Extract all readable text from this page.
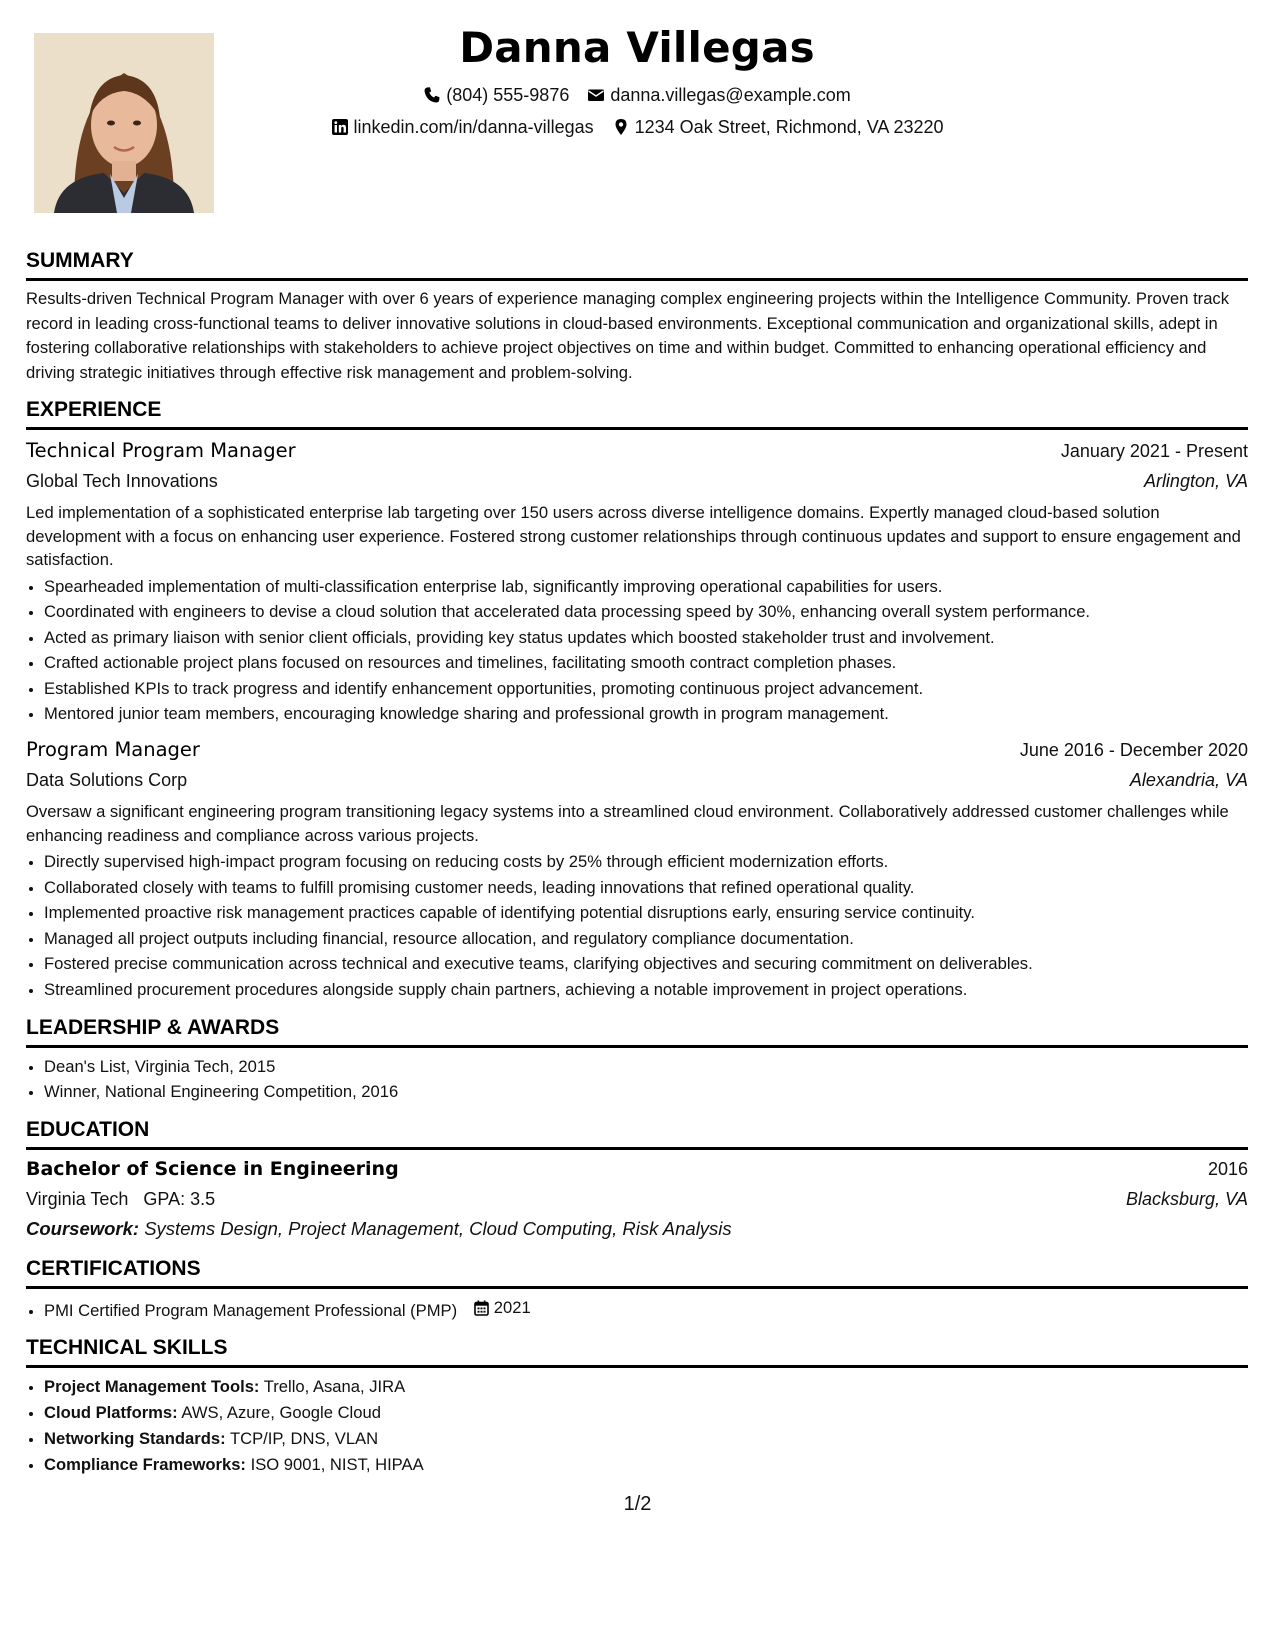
Danna Villegas
(804) 555-9876 danna.villegas@example.com
linkedin.com/in/danna-villegas 1234 Oak Street, Richmond, VA 23220
SUMMARY

Results-driven Technical Program Manager with over 6 years of experience managing complex engineering projects within the Intelligence Community. Proven track record in leading cross-functional teams to deliver innovative solutions in cloud-based environments. Exceptional communication and organizational skills, adept in fostering collaborative relationships with stakeholders to achieve project objectives on time and within budget. Committed to enhancing operational efficiency and driving strategic initiatives through effective risk management and problem-solving.

EXPERIENCE
Technical Program Manager	January 2021 - Present
Global Tech Innovations	Arlington, VA

Led implementation of a sophisticated enterprise lab targeting over 150 users across diverse intelligence domains. Expertly managed cloud-based solution development with a focus on enhancing user experience. Fostered strong customer relationships through continuous updates and support to ensure engagement and satisfaction.

• Spearheaded implementation of multi-classification enterprise lab, significantly improving operational capabilities for users.
• Coordinated with engineers to devise a cloud solution that accelerated data processing speed by 30%, enhancing overall system performance.
• Acted as primary liaison with senior client officials, providing key status updates which boosted stakeholder trust and involvement.
• Crafted actionable project plans focused on resources and timelines, facilitating smooth contract completion phases.
• Established KPIs to track progress and identify enhancement opportunities, promoting continuous project advancement.
• Mentored junior team members, encouraging knowledge sharing and professional growth in program management.
Program Manager	June 2016 - December 2020
Data Solutions Corp	Alexandria, VA

Oversaw a significant engineering program transitioning legacy systems into a streamlined cloud environment. Collaboratively addressed customer challenges while enhancing readiness and compliance across various projects.

• Directly supervised high-impact program focusing on reducing costs by 25% through efficient modernization efforts.
• Collaborated closely with teams to fulfill promising customer needs, leading innovations that refined operational quality.
• Implemented proactive risk management practices capable of identifying potential disruptions early, ensuring service continuity.
• Managed all project outputs including financial, resource allocation, and regulatory compliance documentation.
• Fostered precise communication across technical and executive teams, clarifying objectives and securing commitment on deliverables.
• Streamlined procurement procedures alongside supply chain partners, achieving a notable improvement in project operations.
LEADERSHIP & AWARDS
• Dean's List, Virginia Tech, 2015
• Winner, National Engineering Competition, 2016
EDUCATION
Bachelor of Science in Engineering	2016
Virginia Tech GPA: 3.5	Blacksburg, VA
Coursework: Systems Design, Project Management, Cloud Computing, Risk Analysis
CERTIFICATIONS
• PMI Certified Program Management Professional (PMP) 2021
TECHNICAL SKILLS
• Project Management Tools: Trello, Asana, JIRA
• Cloud Platforms: AWS, Azure, Google Cloud
• Networking Standards: TCP/IP, DNS, VLAN
• Compliance Frameworks: ISO 9001, NIST, HIPAA
1/2
